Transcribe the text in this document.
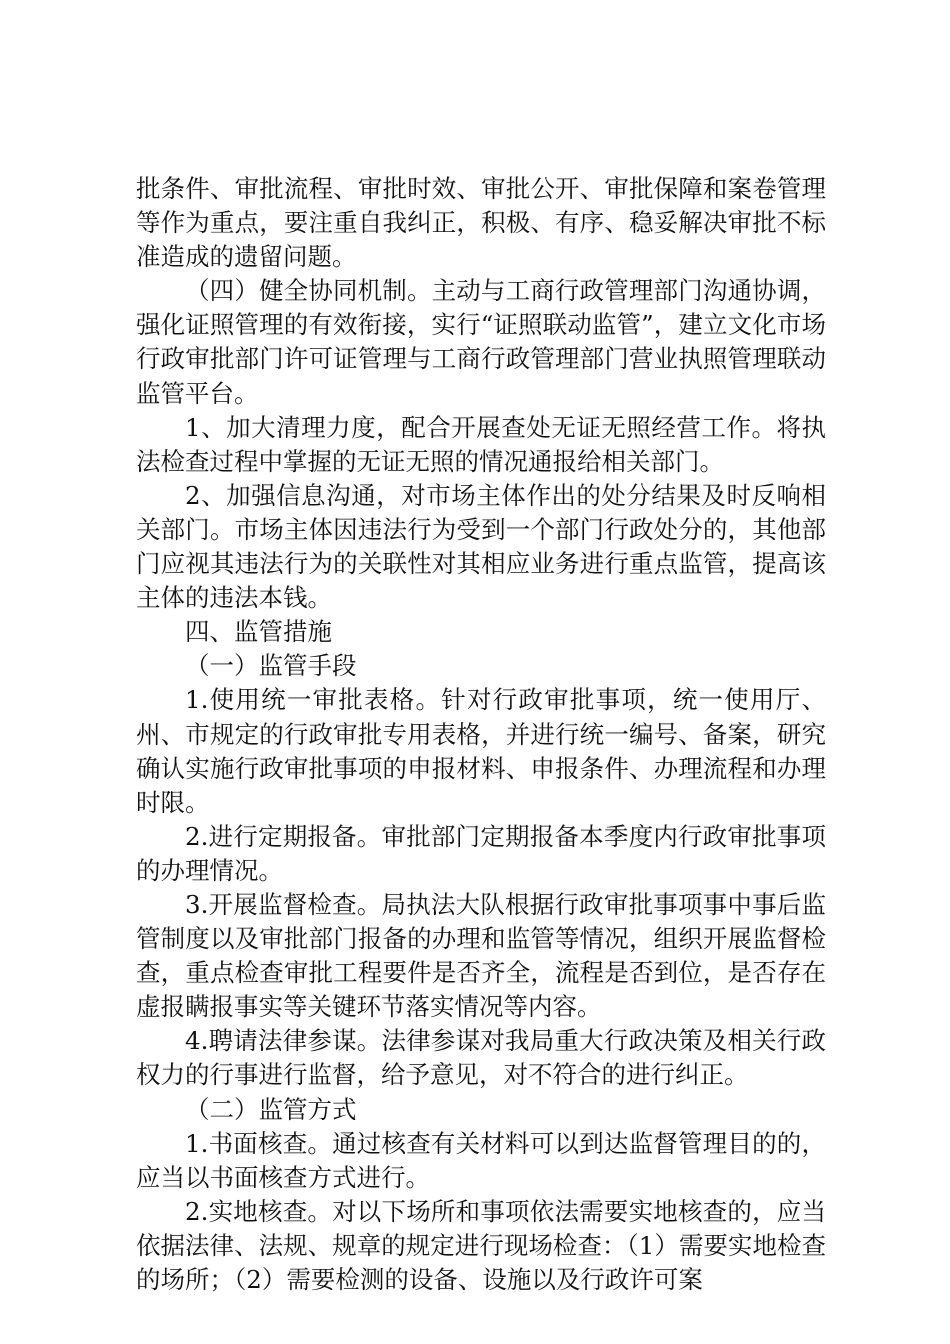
批条件、审批流程、审批时效、审批公开、审批保障和案卷管理等作为重点，要注重自我纠正，积极、有序、稳妥解决审批不标准造成的遗留问题。

（四）健全协同机制。主动与工商行政管理部门沟通协调，强化证照管理的有效衔接，实行“证照联动监管”，建立文化市场行政审批部门许可证管理与工商行政管理部门营业执照管理联动监管平台。

1、加大清理力度，配合开展查处无证无照经营工作。将执法检查过程中掌握的无证无照的情况通报给相关部门。

2、加强信息沟通，对市场主体作出的处分结果及时反响相关部门。市场主体因违法行为受到一个部门行政处分的，其他部门应视其违法行为的关联性对其相应业务进行重点监管，提高该主体的违法本钱。

四、监管措施

（一）监管手段

1.使用统一审批表格。针对行政审批事项，统一使用厅、州、市规定的行政审批专用表格，并进行统一编号、备案，研究确认实施行政审批事项的申报材料、申报条件、办理流程和办理时限。

2.进行定期报备。审批部门定期报备本季度内行政审批事项的办理情况。

3.开展监督检查。局执法大队根据行政审批事项事中事后监管制度以及审批部门报备的办理和监管等情况，组织开展监督检查，重点检查审批工程要件是否齐全，流程是否到位，是否存在虚报瞒报事实等关键环节落实情况等内容。

4.聘请法律参谋。法律参谋对我局重大行政决策及相关行政权力的行事进行监督，给予意见，对不符合的进行纠正。

（二）监管方式

1.书面核查。通过核查有关材料可以到达监督管理目的的，应当以书面核查方式进行。

2.实地核查。对以下场所和事项依法需要实地核查的，应当依据法律、法规、规章的规定进行现场检查：（1）需要实地检查的场所；（2）需要检测的设备、设施以及行政许可案
